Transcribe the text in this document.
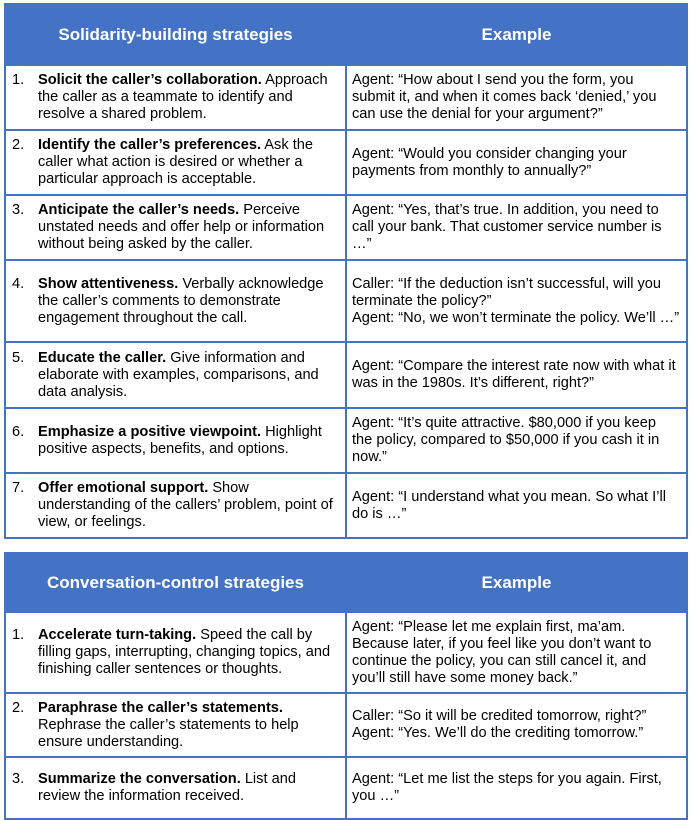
Solidarity-building strategies	Example

1. Solicit the caller’s collaboration. Approach the caller as a teammate to identify and resolve a shared problem.	Agent: “How about I send you the form, you submit it, and when it comes back ‘denied,’ you can use the denial for your argument?”

2. Identify the caller’s preferences. Ask the caller what action is desired or whether a particular approach is acceptable.	Agent: “Would you consider changing your payments from monthly to annually?”

3. Anticipate the caller’s needs. Perceive unstated needs and offer help or information without being asked by the caller.	Agent: “Yes, that’s true. In addition, you need to call your bank. That customer service number is …”

4. Show attentiveness. Verbally acknowledge the caller’s comments to demonstrate engagement throughout the call.	Caller: “If the deduction isn’t successful, will you terminate the policy?”
Agent: “No, we won’t terminate the policy. We’ll …”

5. Educate the caller. Give information and elaborate with examples, comparisons, and data analysis.	Agent: “Compare the interest rate now with what it was in the 1980s. It’s different, right?”

6. Emphasize a positive viewpoint. Highlight positive aspects, benefits, and options.	Agent: “It’s quite attractive. $80,000 if you keep the policy, compared to $50,000 if you cash it in now.”

7. Offer emotional support. Show understanding of the callers’ problem, point of view, or feelings.	Agent: “I understand what you mean. So what I’ll do is …”
Conversation-control strategies	Example

1. Accelerate turn-taking. Speed the call by filling gaps, interrupting, changing topics, and finishing caller sentences or thoughts.	Agent: “Please let me explain first, ma’am. Because later, if you feel like you don’t want to continue the policy, you can still cancel it, and you’ll still have some money back.”

2. Paraphrase the caller’s statements. Rephrase the caller’s statements to help ensure understanding.	Caller: “So it will be credited tomorrow, right?”
Agent: “Yes. We’ll do the crediting tomorrow.”

3. Summarize the conversation. List and review the information received.	Agent: “Let me list the steps for you again. First, you …”
